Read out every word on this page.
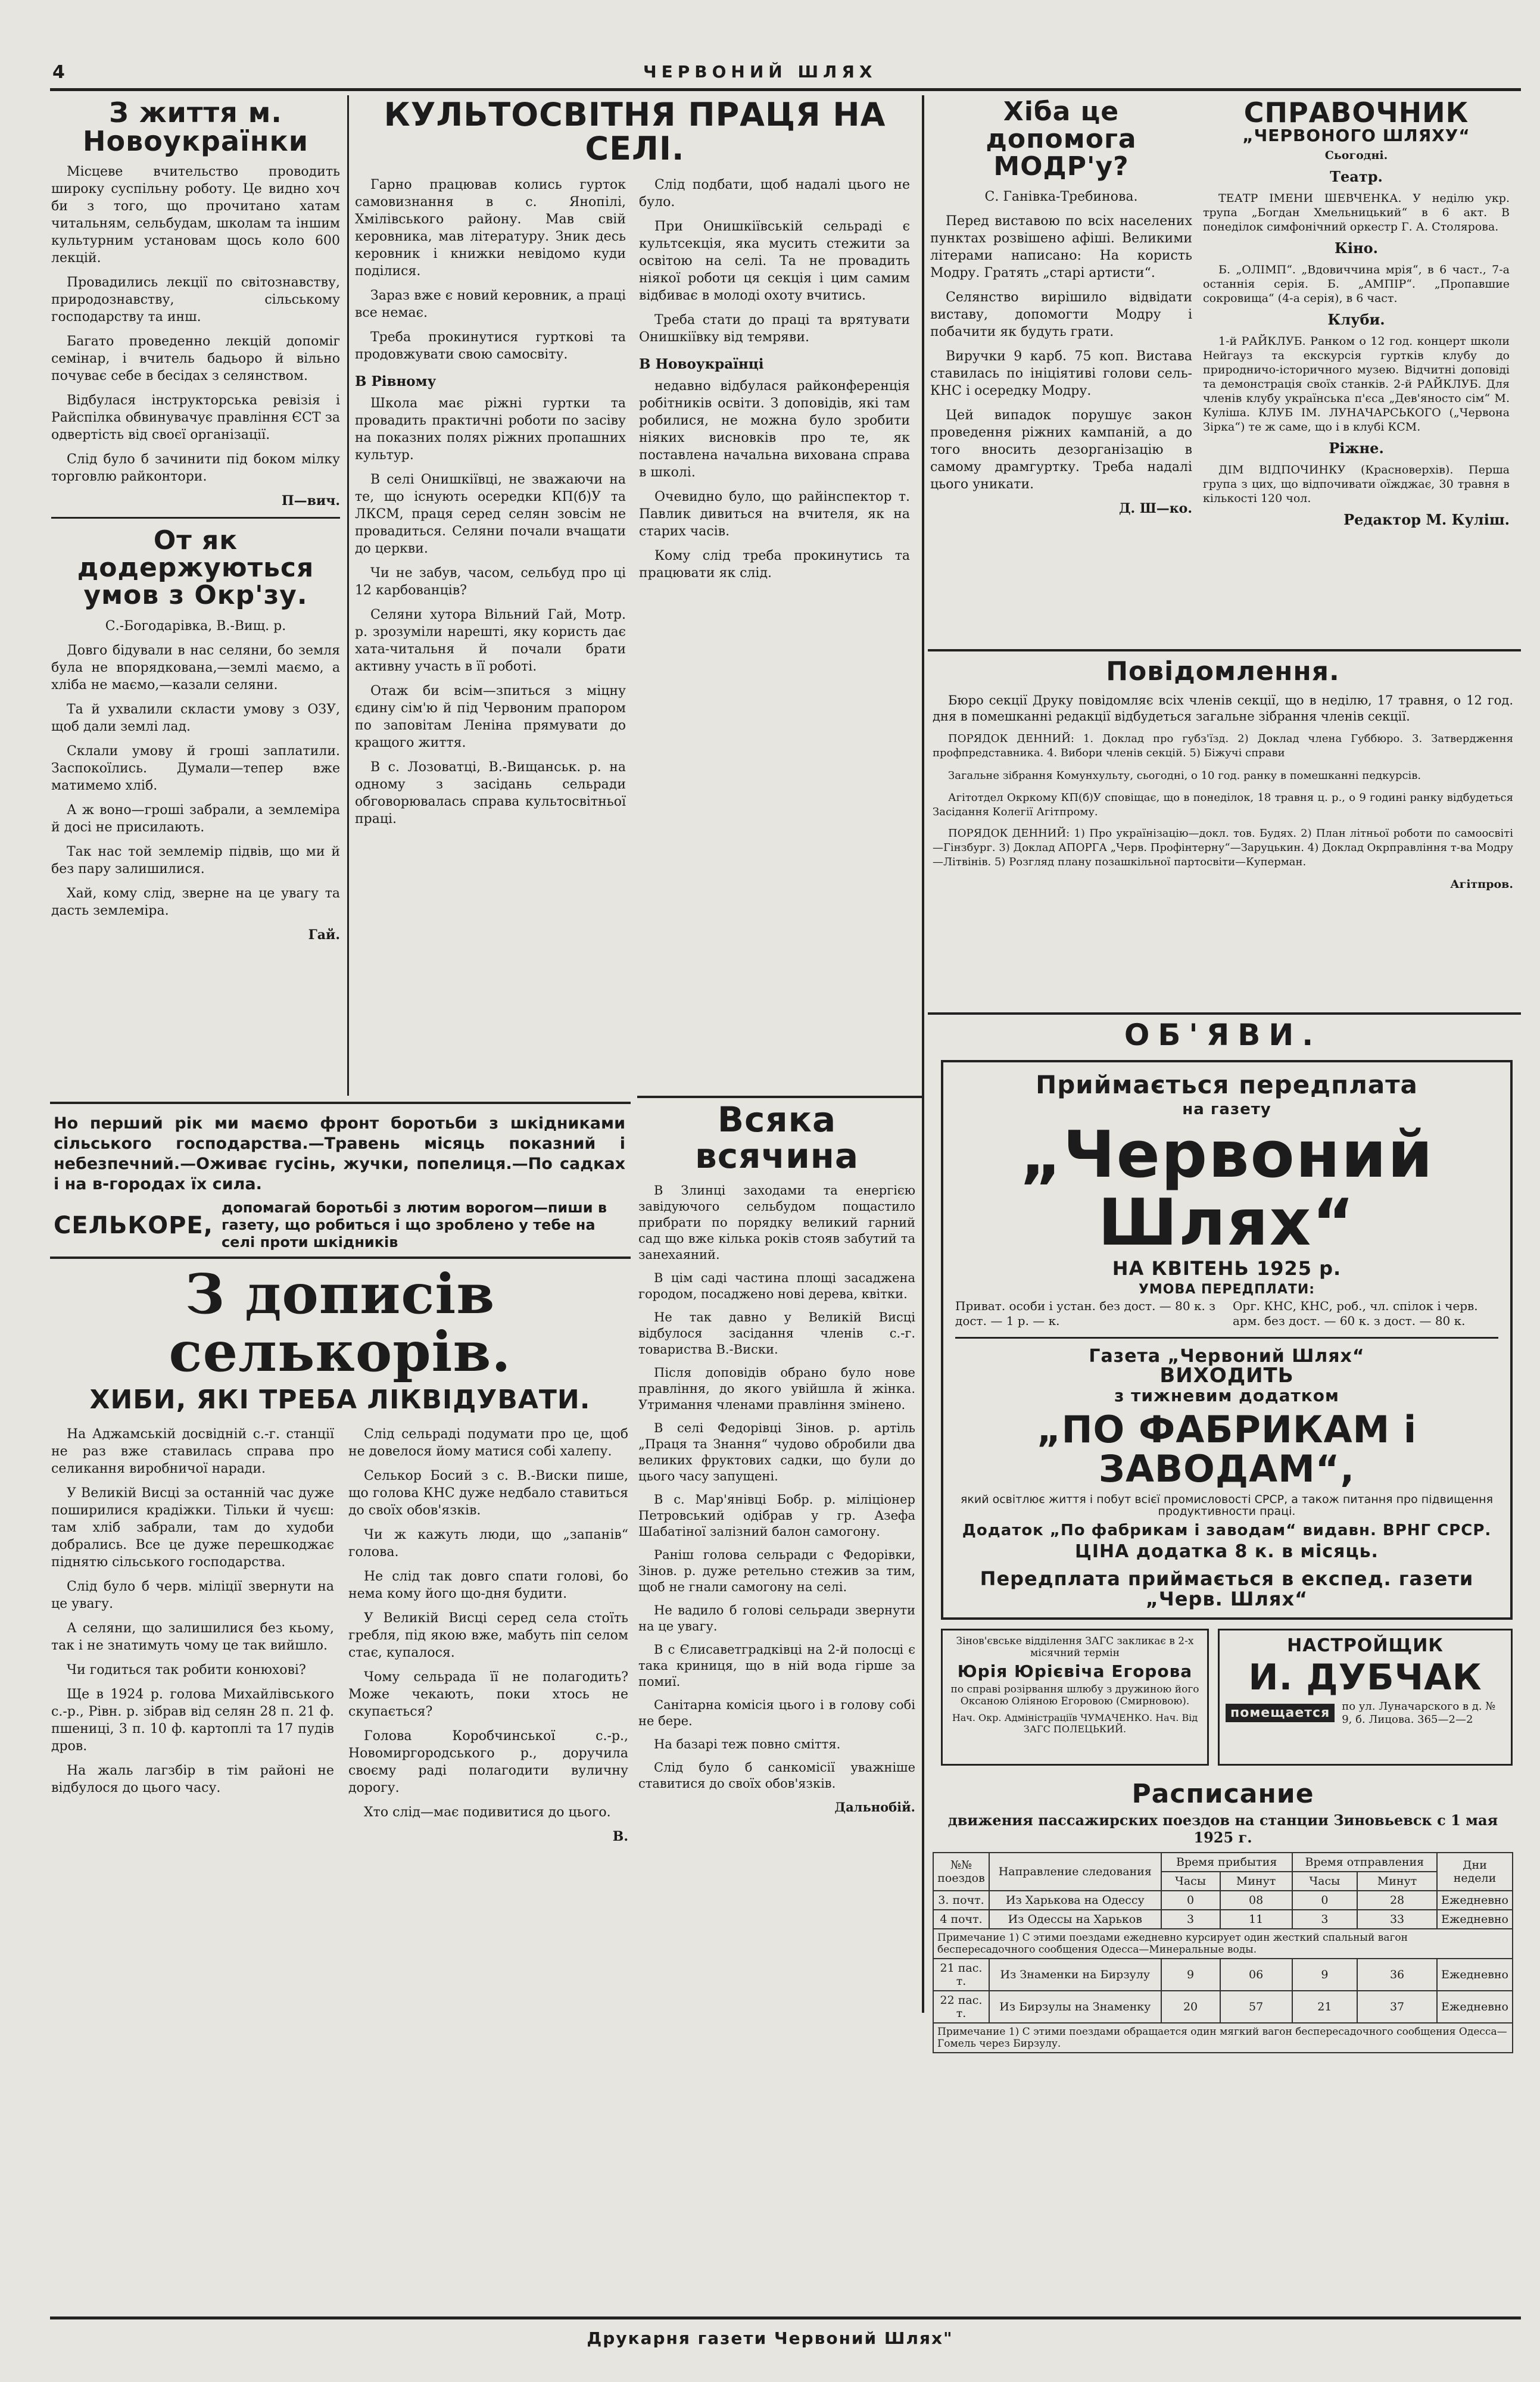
4	ЧЕРВОНИЙ ШЛЯХ
З життя м. Новоукраїнки

Місцеве вчительство проводить широку суспільну роботу. Це видно хоч би з того, що прочитано хатам читальням, сельбудам, школам та іншим культурним установам щось коло 600 лекцій.

Провадились лекції по світознавству, природознавству, сільському господарству та инш.

Багато проведенно лекцій допомiг семінар, і вчитель бадьоро й вільно почуває себе в бесідах з селянством.

Відбулася інструкторська ревізія і Райспілка обвинувачує правління ЄСТ за одвертість від своєї організації.

Слід було б зачинити під боком мілку торговлю райконтори.

П—вич.

От як додержуються умов з Окр'зу.

С.-Богодарівка, В.-Вищ. р.

Довго бідували в нас селяни, бо земля була не впорядкована,—землі маємо, а хліба не маємо,—казали селяни.

Та й ухвалили скласти умову з ОЗУ, щоб дали землі лад.

Склали умову й гроші заплатили. Заспокоїлись. Думали—тепер вже матимемо хліб.

А ж воно—гроші забрали, а землеміра й досі не присилають.

Так нас той землемір підвів, що ми й без пару залишилися.

Хай, кому слід, зверне на це увагу та дасть землеміра.

Гай.

КУЛЬТОСВІТНЯ ПРАЦЯ НА СЕЛІ.

Гарно працював колись гурток самовизнання в с. Янопілі, Хмілівського району. Мав свій керовника, мав літературу. Зник десь керовник і книжки невідомо куди поділися.

Зараз вже є новий керовник, а праці все немає.

Треба прокинутися гурткові та продовжувати свою самосвіту.

В Рівному

Школа має ріжні гуртки та провадить практичні роботи по засіву на показних полях ріжних пропашних культур.

В селі Онишкіївці, не зважаючи на те, що існують осередки КП(б)У та ЛКСМ, праця серед селян зовсім не провадиться. Селяни почали вчащати до церкви.

Чи не забув, часом, сельбуд про ці 12 карбованців?

Селяни хутора Вільний Гай, Мотр. р. зрозуміли нарешті, яку користь дає хата-читальня й почали брати активну участь в її роботі.

Отаж би всім—зпиться з міцну єдину сім'ю й під Червоним прапором по заповітам Леніна прямувати до кращого життя.

В с. Лозоватці, В.-Вищанськ. р. на одному з засідань сельради обговорювалась справа культосвітньої праці.

Слід подбати, щоб надалі цього не було.

При Онишкіївській сельраді є культсекція, яка мусить стежити за освітою на селі. Та не провадить ніякої роботи ця секція і цим самим відбиває в молоді охоту вчитись.

Треба стати до праці та врятувати Онишкіївку від темряви.

В Новоукраїнці

недавно відбулася райконференція робітників освіти. З доповідів, які там робилися, не можна було зробити ніяких висновків про те, як поставлена начальна вихована справа в школі.

Очевидно було, що райінспектор т. Павлик дивиться на вчителя, як на старих часів.

Кому слід треба прокинутись та працювати як слід.

Хіба це допомога МОДР'у?

С. Ганівка-Требинова.

Перед виставою по всіх населених пунктах розвішено афіші. Великими літерами написано: На користь Модру. Гратять „старі артисти“.

Селянство вирішило відвідати виставу, допомогти Модру і побачити як будуть грати.

Виручки 9 карб. 75 коп. Вистава ставилась по ініціятиві голови сель-КНС і осередку Модру.

Цей випадок порушує закон проведення ріжних кампаній, а до того вносить дезорганізацію в самому драмгуртку. Треба надалі цього уникати.

Д. Ш—ко.

СПРАВОЧНИК
„ЧЕРВОНОГО ШЛЯХУ“

Сьогодні.

Театр.

ТЕАТР ІМЕНИ ШЕВЧЕНКА. У неділю укр. трупа „Богдан Хмельницький“ в 6 акт. В понеділок симфонічний оркестр Г. А. Столярова.

Кіно.

Б. „ОЛІМП“. „Вдовиччина мрія“, в 6 част., 7-а останнія серія. Б. „АМПІР“. „Пропавшие сокровища“ (4-а серія), в 6 част.

Клуби.

1-й РАЙКЛУБ. Ранком о 12 год. концерт школи Нейгауз та екскурсія гуртків клубу до природничо-історичного музею. Відчитні доповіді та демонстрація своїх станків. 2-й РАЙКЛУБ. Для членів клубу українська п'єса „Дев'яносто сім“ М. Куліша. КЛУБ ІМ. ЛУНАЧАРСЬКОГО („Червона Зірка“) те ж саме, що і в клубі КСМ.

Ріжне.

ДІМ ВІДПОЧИНКУ (Красноверхів). Перша група з цих, що відпочивати оїжджає, 30 травня в кількості 120 чол.

Редактор М. Куліш.

Повідомлення.

Бюро секції Друку повідомляє всіх членів секції, що в неділю, 17 травня, о 12 год. дня в помешканні редакції відбудеться загальне зібрання членів секції.

ПОРЯДОК ДЕННИЙ: 1. Доклад про губз'їзд. 2) Доклад члена Губбюро. 3. Затвердження профпредставника. 4. Вибори членів секцій. 5) Біжучі справи

Загальне зібрання Комунхульту, сьогодні, о 10 год. ранку в помешканні педкурсів.

Агітотдел Окркому КП(б)У сповіщає, що в понеділок, 18 травня ц. р., о 9 годині ранку відбудеться Засідання Колегії Агітпрому.

ПОРЯДОК ДЕННИЙ: 1) Про українізацію—докл. тов. Будях. 2) План літньої роботи по самоосвіті—Гінзбург. 3) Доклад АПОРГА „Черв. Профінтерну“—Заруцькин. 4) Доклад Окрправління т-ва Модру—Літвінів. 5) Розгляд плану позашкільної партосвіти—Куперман.

Агітпров.

ОБ'ЯВИ.
Приймається передплата
на газету
„Червоний Шлях“
НА КВІТЕНЬ 1925 р.
УМОВА ПЕРЕДПЛАТИ:
Приват. особи і устан. без дост. — 80 к. з дост. — 1 р. — к.
Орг. КНС, КНС, роб., чл. спілок і черв. арм. без дост. — 60 к. з дост. — 80 к.
Газета „Червоний Шлях“
ВИХОДИТЬ
з тижневим додатком
„ПО ФАБРИКАМ і ЗАВОДАМ“,
який освітлює життя і побут всієї промисловості СРСР, а також питання про підвищення продуктивности праці.
Додаток „По фабрикам і заводам“ видавн. ВРНГ СРСР.
ЦІНА додатка 8 к. в місяць.
Передплата приймається в експед. газети „Черв. Шлях“
Зінов'євське відділення ЗАГС закликає в 2-х місячний термін
Юрія Юрієвіча Егорова
по справі розірвання шлюбу з дружиною його Оксаною Оліяною Егоровою (Смирновою).
Нач. Окр. Адміністраціїв ЧУМАЧЕНКО. Нач. Від ЗАГС ПОЛЕЦЬКИЙ.
НАСТРОЙЩИК
И. ДУБЧАК
помещается	по ул. Луначарского в д. № 9, б. Лицова. 365—2—2
Расписание
движения пассажирских поездов на станции Зиновьевск с 1 мая 1925 г.
№№ поездов	Направление следования	Время прибытия		Время отправления		Дни недели
		Часы	Минут	Часы	Минут	
3. почт.	Из Харькова на Одессу	0	08	0	28	Ежедневно
4 почт.	Из Одессы на Харьков	3	11	3	33	Ежедневно
Примечание 1) С этими поездами ежедневно курсирует один жесткий спальный вагон беспересадочного сообщения Одесса—Минеральные воды.						
21 пас. т.	Из Знаменки на Бирзулу	9	06	9	36	Ежедневно
22 пас. т.	Из Бирзулы на Знаменку	20	57	21	37	Ежедневно
Примечание 1) С этими поездами обращается один мягкий вагон беспересадочного сообщения Одесса—Гомель через Бирзулу.						
Всяка всячина

В Злинці заходами та енергією завідуючого сельбудом пощастило прибрати по порядку великий гарний сад що вже кілька років стояв забутий та занехаяний.

В цім саді частина площі засаджена городом, посаджено нові дерева, квітки.

Не так давно у Великій Висці відбулося засідання членів с.-г. товариства В.-Виски.

Після доповідів обрано було нове правління, до якого увійшла й жінка. Утримання членами правління змінено.

В селі Федорівці Зінов. р. артіль „Праця та Знання“ чудово обробили два великих фруктових садки, що були до цього часу запущені.

В с. Мар'янівці Бобр. р. міліціонер Петровський одібрав у гр. Азефа Шабатіної залізний балон самогону.

Раніш голова сельради с Федорівки, Зінов. р. дуже ретельно стежив за тим, щоб не гнали самогону на селі.

Не вадило б голові сельради звернути на це увагу.

В с Єлисаветградківці на 2-й полосці є така криниця, що в ній вода гірше за помиї.

Санітарна комісія цього і в голову собі не бере.

На базарі теж повно сміття.

Слід було б санкомісії уважніше ставитися до своїх обов'язків.

Дальнобій.

Но перший рік ми маємо фронт боротьби з шкідниками сільського господарства.—Травень місяць показний і небезпечний.—Оживає гусінь, жучки, попелиця.—По садках і на в-городах їх сила.
СЕЛЬКОРЕ,
допомагай боротьбі з лютим ворогом—пиши в газету, що робиться і що зроблено у тебе на селі проти шкідників
З дописів селькорів.
ХИБИ, ЯКІ ТРЕБА ЛІКВІДУВАТИ.

На Аджамській досвідній с.-г. станції не раз вже ставилась справа про селикання виробничої наради.

У Великій Висці за останній час дуже поширилися крадіжки. Тільки й чуєш: там хліб забрали, там до худоби добрались. Все це дуже перешкоджає піднятю сільського господарства.

Слід було б черв. міліції звернути на це увагу.

А селяни, що залишилися без кьому, так і не знатимуть чому це так вийшло.

Чи годиться так робити конюхові?

Ще в 1924 р. голова Михайлівського с.-р., Рівн. р. зібрав від селян 28 п. 21 ф. пшениці, 3 п. 10 ф. картоплі та 17 пудів дров.

На жаль лагзбір в тім районі не відбулося до цього часу.

Слід сельраді подумати про це, щоб не довелося йому матися собі халепу.

Селькор Босий з с. В.-Виски пише, що голова КНС дуже недбало ставиться до своїх обов'язків.

Чи ж кажуть люди, що „запанів“ голова.

Не слід так довго спати голові, бо нема кому його що-дня будити.

У Великій Висці серед села стоїть гребля, під якою вже, мабуть піп селом стає, купалося.

Чому сельрада її не полагодить? Може чекають, поки хтось не скупається?

Голова Коробчинської с.-р., Новомиргородського р., доручила своєму раді полагодити вуличну дорогу.

Хто слід—має подивитися до цього.

В.

Друкарня газети Червоний Шлях"
